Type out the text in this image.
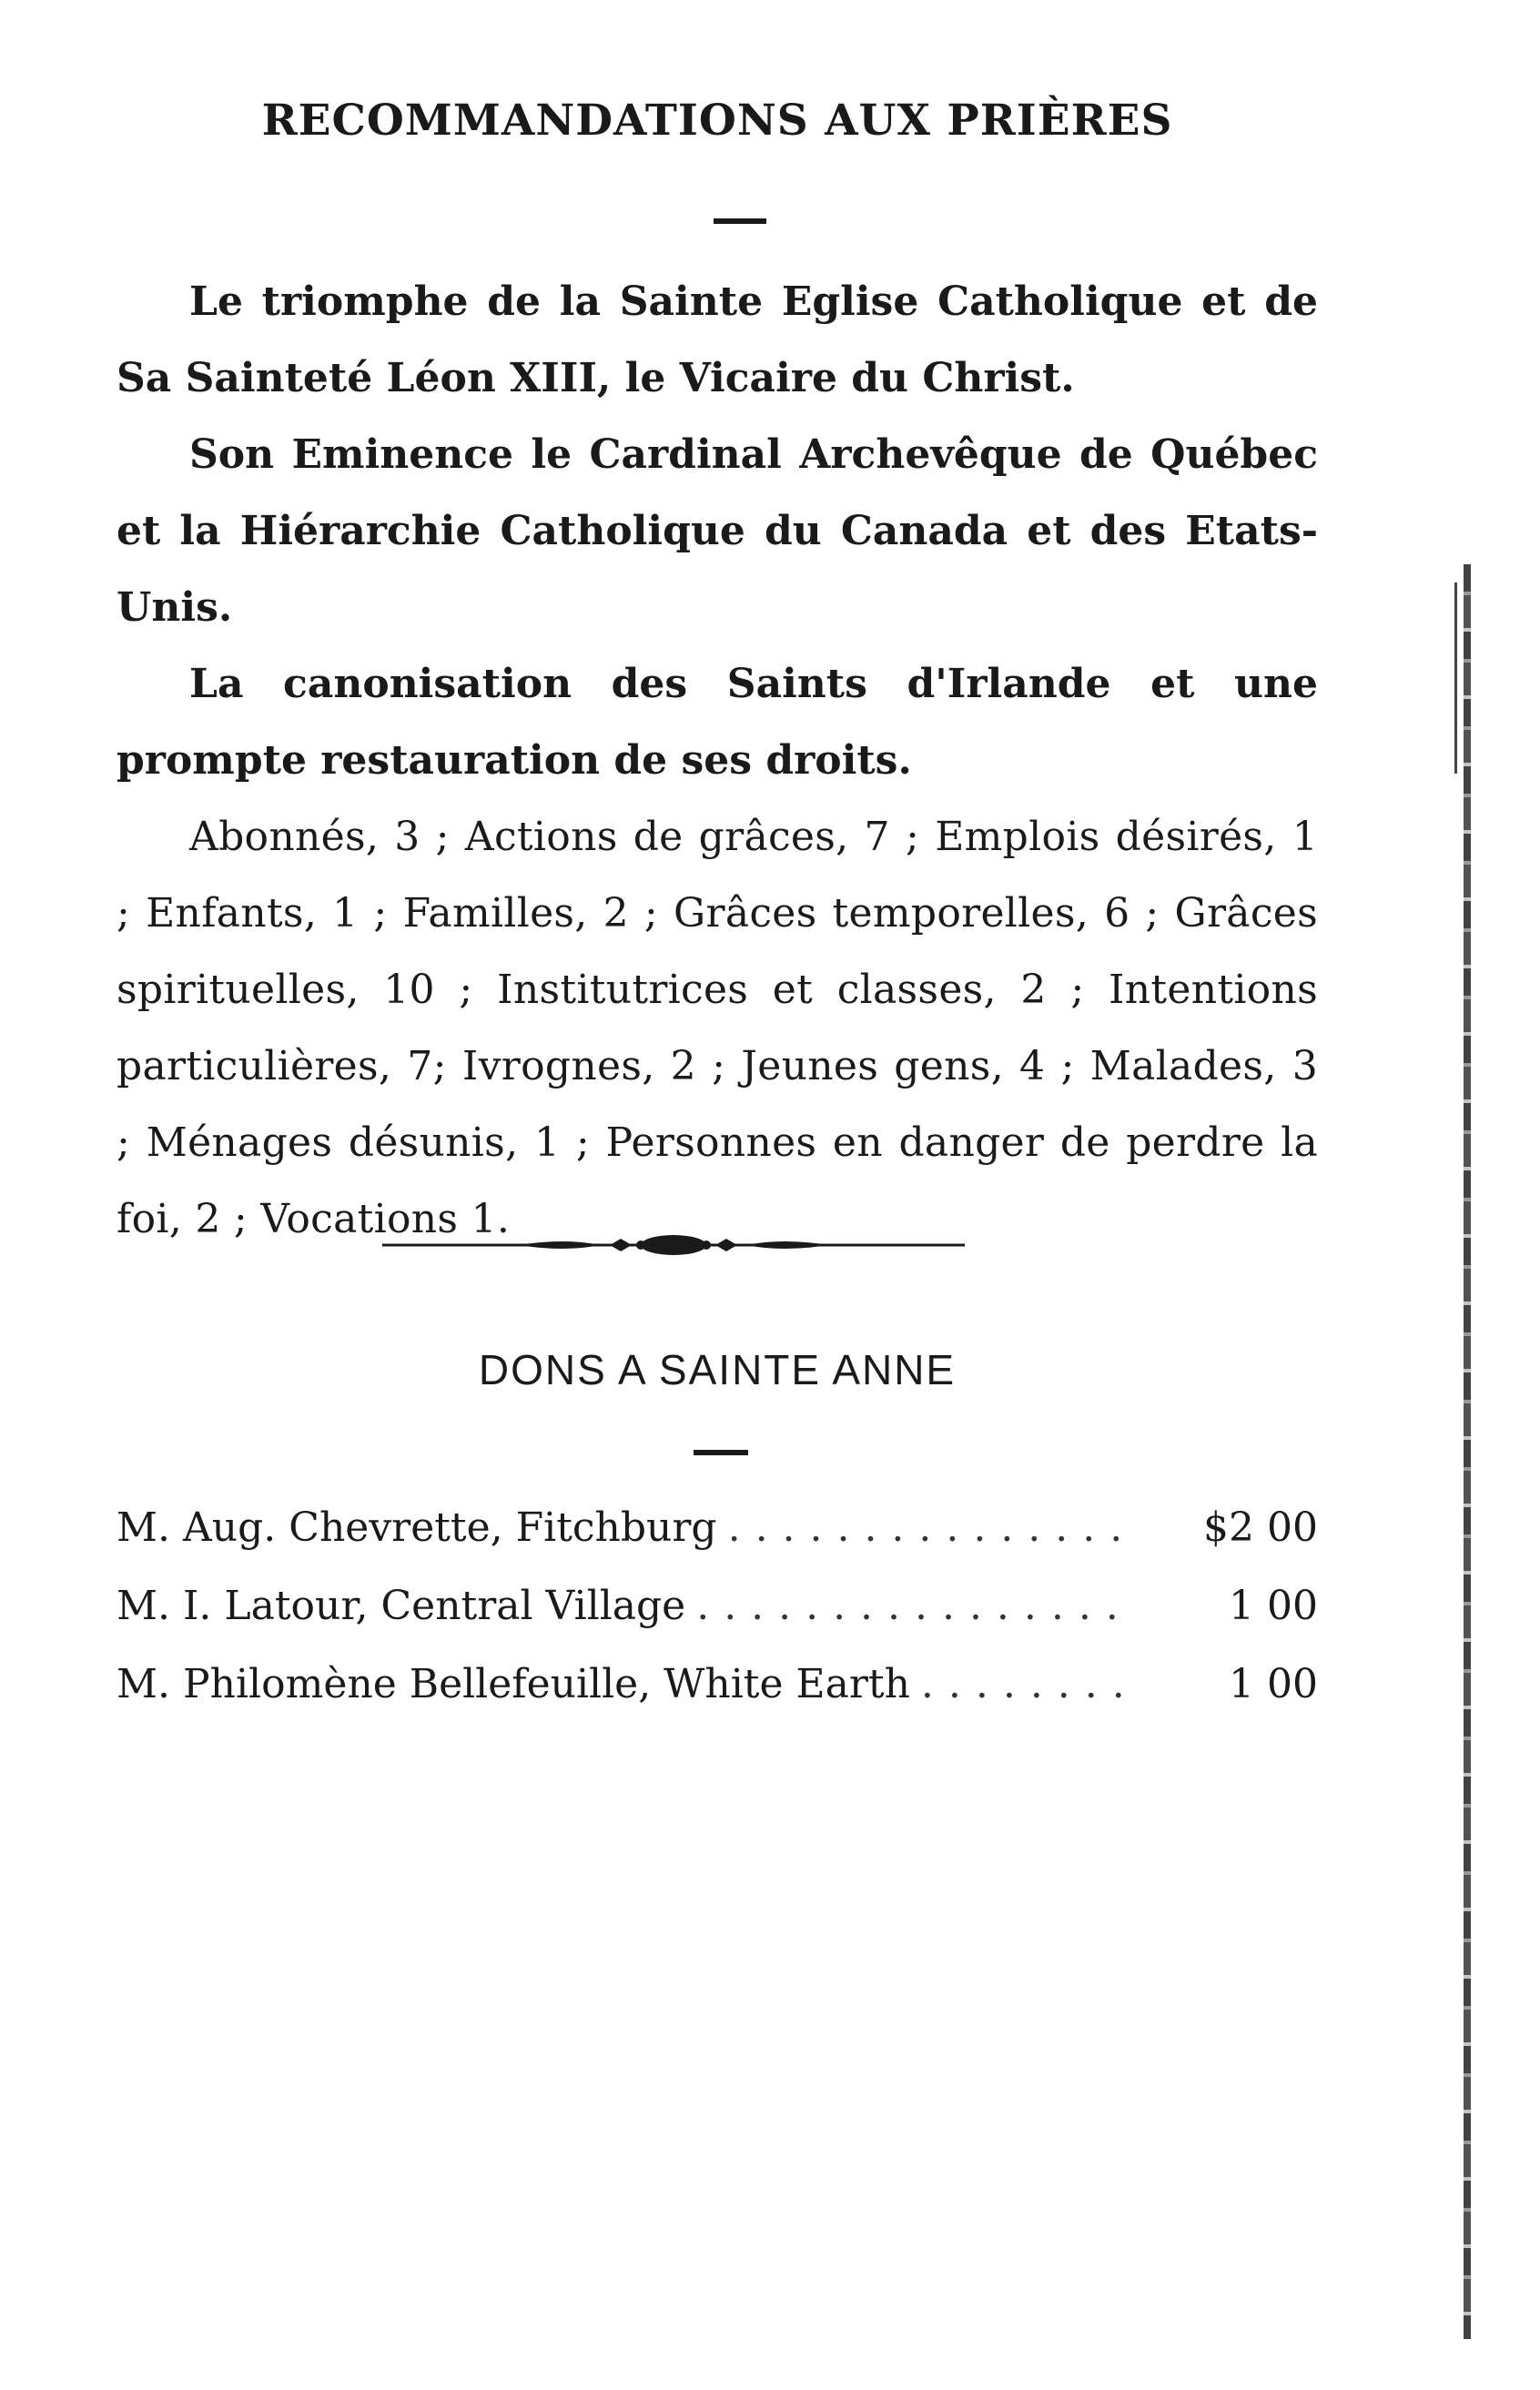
RECOMMANDATIONS AUX PRIÈRES

Le triomphe de la Sainte Eglise Catholique et de Sa Sainteté Léon XIII, le Vicaire du Christ.

Son Eminence le Cardinal Archevêque de Québec et la Hiérarchie Catholique du Canada et des Etats-Unis.

La canonisation des Saints d'Irlande et une prompte restauration de ses droits.

Abonnés, 3 ; Actions de grâces, 7 ; Emplois désirés, 1 ; Enfants, 1 ; Familles, 2 ; Grâces temporelles, 6 ; Grâces spirituelles, 10 ; Institutrices et classes, 2 ; Intentions particulières, 7; Ivrognes, 2 ; Jeunes gens, 4 ; Malades, 3 ; Ménages désunis, 1 ; Personnes en danger de perdre la foi, 2 ; Vocations 1.

DONS A SAINTE ANNE
M. Aug. Chevrette, Fitchburg . . .	$2 00
M. I. Latour, Central Village . . .	1 00
M. Philomène Bellefeuille, White Earth . . .	1 00
